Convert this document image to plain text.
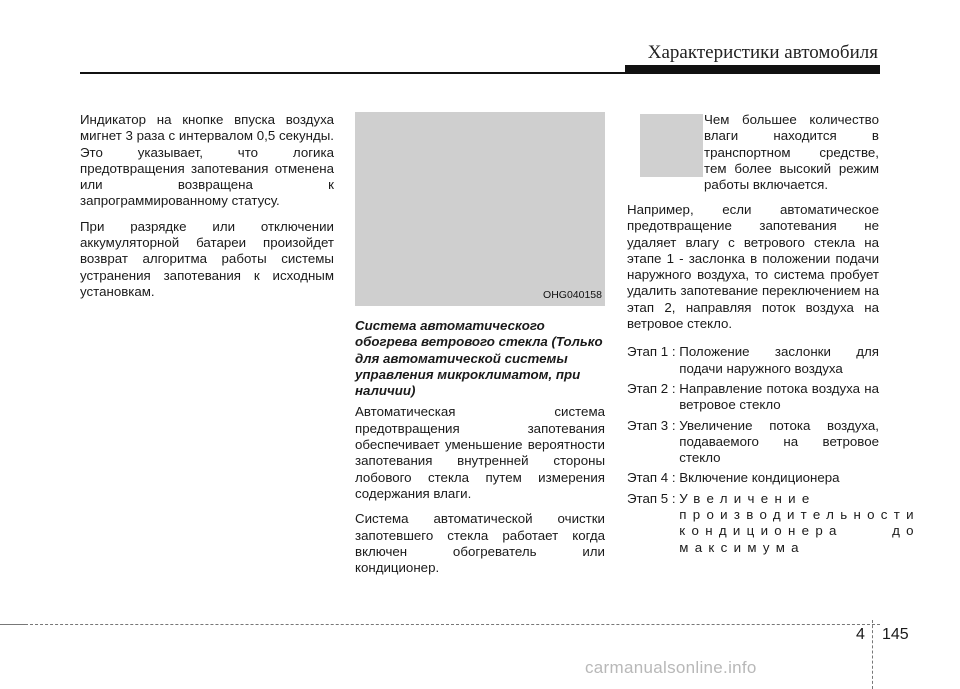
Характеристики автомобиля

Индикатор на кнопке впуска воздуха мигнет 3 раза с интервалом 0,5 секунды. Это указывает, что логика предотвращения запотевания отменена или возвращена к запрограммированному статусу.

При разрядке или отключении аккумуляторной батареи произойдет возврат алгоритма работы системы устранения запотевания к исходным установкам.	OHG040158
Система автоматического обогрева ветрового стекла (Только для автоматической системы управления микроклиматом, при наличии)

Автоматическая система предотвращения запотевания обеспечивает уменьшение вероятности запотевания внутренней стороны лобового стекла путем измерения содержания влаги.

Система автоматической очистки запотевшего стекла работает когда включен обогреватель или кондиционер.

Чем большее количество влаги находится в транспортном средстве, тем более высокий режим работы включается.

Например, если автоматическое предотвращение запотевания не удаляет влагу с ветрового стекла на этапе 1 - заслонка в положении подачи наружного воздуха, то система пробует удалить запотевание переключением на этап 2, направляя поток воздуха на ветровое стекло.

Этап 1 : Положение заслонки для подачи наружного воздуха
Этап 2 : Направление потока воздуха на ветровое стекло
Этап 3 : Увеличение потока воздуха, подаваемого на ветровое стекло
Этап 4 : Включение кондиционера
Этап 5 : Увеличение производительности кондиционера до максимума
4 145
carmanualsonline.info
